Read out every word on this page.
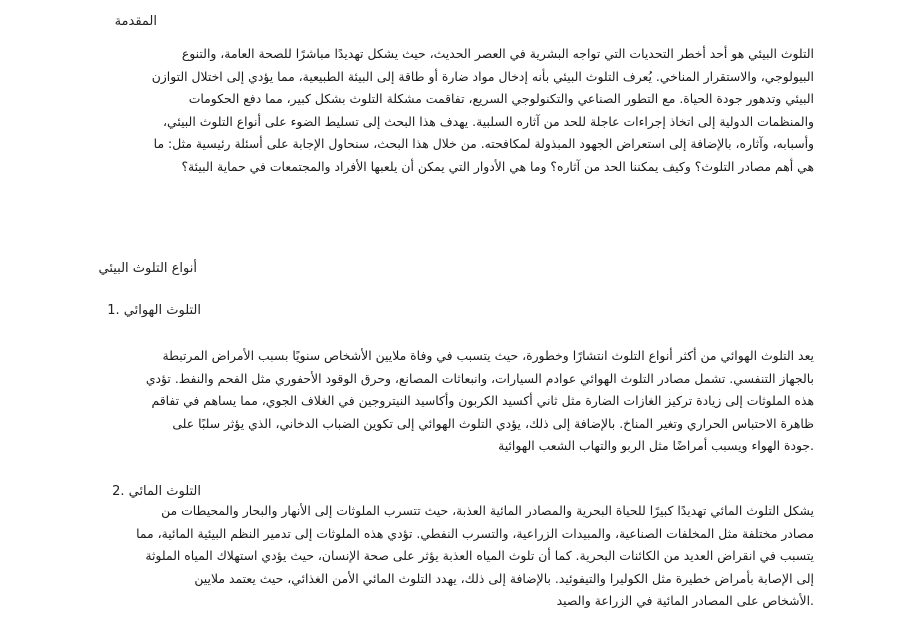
المقدمة
التلوث البيئي هو أحد أخطر التحديات التي تواجه البشرية في العصر الحديث، حيث يشكل تهديدًا مباشرًا للصحة العامة، والتنوع
البيولوجي، والاستقرار المناخي. يُعرف التلوث البيئي بأنه إدخال مواد ضارة أو طاقة إلى البيئة الطبيعية، مما يؤدي إلى اختلال التوازن
البيئي وتدهور جودة الحياة. مع التطور الصناعي والتكنولوجي السريع، تفاقمت مشكلة التلوث بشكل كبير، مما دفع الحكومات
والمنظمات الدولية إلى اتخاذ إجراءات عاجلة للحد من آثاره السلبية. يهدف هذا البحث إلى تسليط الضوء على أنواع التلوث البيئي،
وأسبابه، وآثاره، بالإضافة إلى استعراض الجهود المبذولة لمكافحته. من خلال هذا البحث، سنحاول الإجابة على أسئلة رئيسية مثل: ما
هي أهم مصادر التلوث؟ وكيف يمكننا الحد من آثاره؟ وما هي الأدوار التي يمكن أن يلعبها الأفراد والمجتمعات في حماية البيئة؟
أنواع التلوث البيئي
التلوث الهوائي .1
يعد التلوث الهوائي من أكثر أنواع التلوث انتشارًا وخطورة، حيث يتسبب في وفاة ملايين الأشخاص سنويًا بسبب الأمراض المرتبطة
بالجهاز التنفسي. تشمل مصادر التلوث الهوائي عوادم السيارات، وانبعاثات المصانع، وحرق الوقود الأحفوري مثل الفحم والنفط. تؤدي
هذه الملوثات إلى زيادة تركيز الغازات الضارة مثل ثاني أكسيد الكربون وأكاسيد النيتروجين في الغلاف الجوي، مما يساهم في تفاقم
ظاهرة الاحتباس الحراري وتغير المناخ. بالإضافة إلى ذلك، يؤدي التلوث الهوائي إلى تكوين الضباب الدخاني، الذي يؤثر سلبًا على
.جودة الهواء ويسبب أمراضًا مثل الربو والتهاب الشعب الهوائية
التلوث المائي .2
يشكل التلوث المائي تهديدًا كبيرًا للحياة البحرية والمصادر المائية العذبة، حيث تتسرب الملوثات إلى الأنهار والبحار والمحيطات من
مصادر مختلفة مثل المخلفات الصناعية، والمبيدات الزراعية، والتسرب النفطي. تؤدي هذه الملوثات إلى تدمير النظم البيئية المائية، مما
يتسبب في انقراض العديد من الكائنات البحرية. كما أن تلوث المياه العذبة يؤثر على صحة الإنسان، حيث يؤدي استهلاك المياه الملوثة
إلى الإصابة بأمراض خطيرة مثل الكوليرا والتيفوئيد. بالإضافة إلى ذلك، يهدد التلوث المائي الأمن الغذائي، حيث يعتمد ملايين
.الأشخاص على المصادر المائية في الزراعة والصيد
